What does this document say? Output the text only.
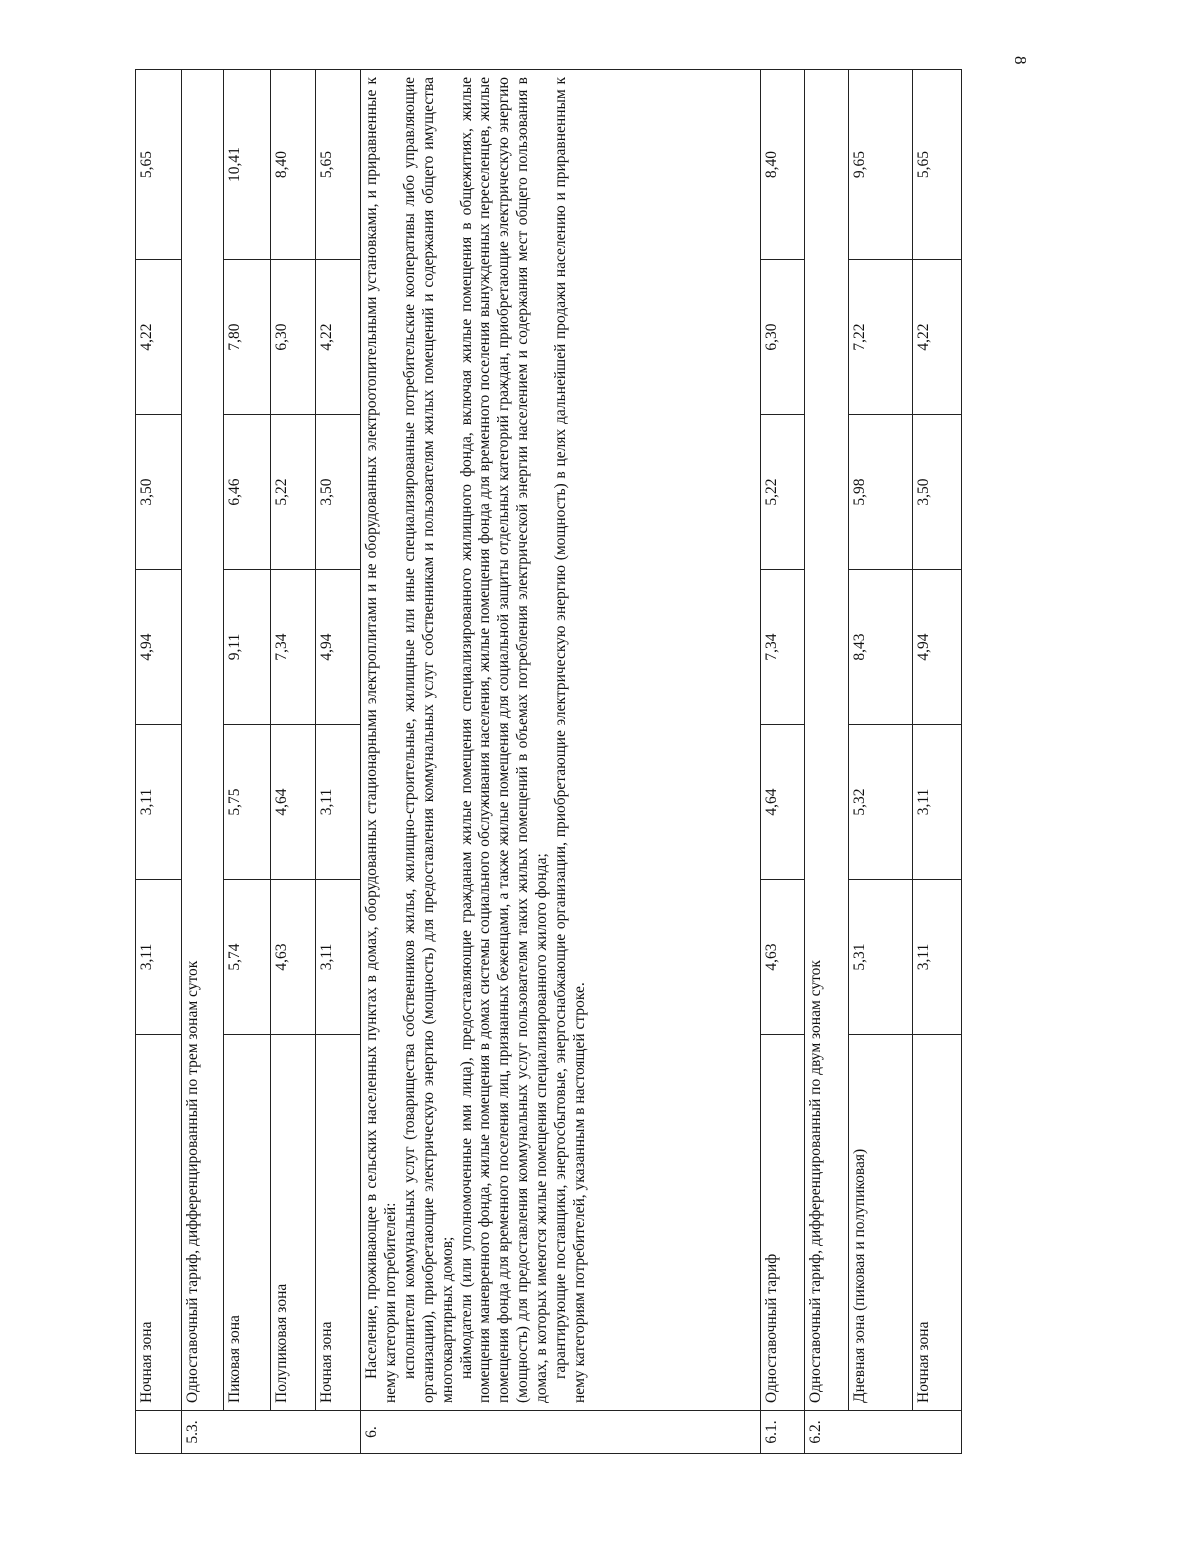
8
	Ночная зона	3,11	3,11	4,94	3,50	4,22	5,65
5.3.	Одноставочный тариф, дифференцированный по трем зонам суток						
	Пиковая зона	5,74	5,75	9,11	6,46	7,80	10,41
	Полупиковая зона	4,63	4,64	7,34	5,22	6,30	8,40
	Ночная зона	3,11	3,11	4,94	3,50	4,22	5,65
6.	Население, проживающее в сельских населенных пунктах в домах, оборудованных стационарными электроплитами и не оборудованных электроотопительными установками, и приравненные к нему категории потребителей: исполнители коммунальных услуг (товарищества собственников жилья, жилищно-строительные, жилищные или иные специализированные потребительские кооперативы либо управляющие организации), приобретающие электрическую энергию (мощность) для предоставления коммунальных услуг собственникам и пользователям жилых помещений и содержания общего имущества многоквартирных домов; наймодатели (или уполномоченные ими лица), предоставляющие гражданам жилые помещения специализированного жилищного фонда, включая жилые помещения в общежитиях, жилые помещения маневренного фонда, жилые помещения в домах системы социального обслуживания населения, жилые помещения фонда для временного поселения вынужденных переселенцев, жилые помещения фонда для временного поселения лиц, признанных беженцами, а также жилые помещения для социальной защиты отдельных категорий граждан, приобретающие электрическую энергию (мощность) для предоставления коммунальных услуг пользователям таких жилых помещений в объемах потребления электрической энергии населением и содержания мест общего пользования в домах, в которых имеются жилые помещения специализированного жилого фонда; гарантирующие поставщики, энергосбытовые, энергоснабжающие организации, приобретающие электрическую энергию (мощность) в целях дальнейшей продажи населению и приравненным к нему категориям потребителей, указанным в настоящей строке.						

6.1.	Одноставочный тариф	4,63	4,64	7,34	5,22	6,30	8,40
6.2.	Одноставочный тариф, дифференцированный по двум зонам суток						
	Дневная зона (пиковая и полупиковая)	5,31	5,32	8,43	5,98	7,22	9,65
	Ночная зона	3,11	3,11	4,94	3,50	4,22	5,65
